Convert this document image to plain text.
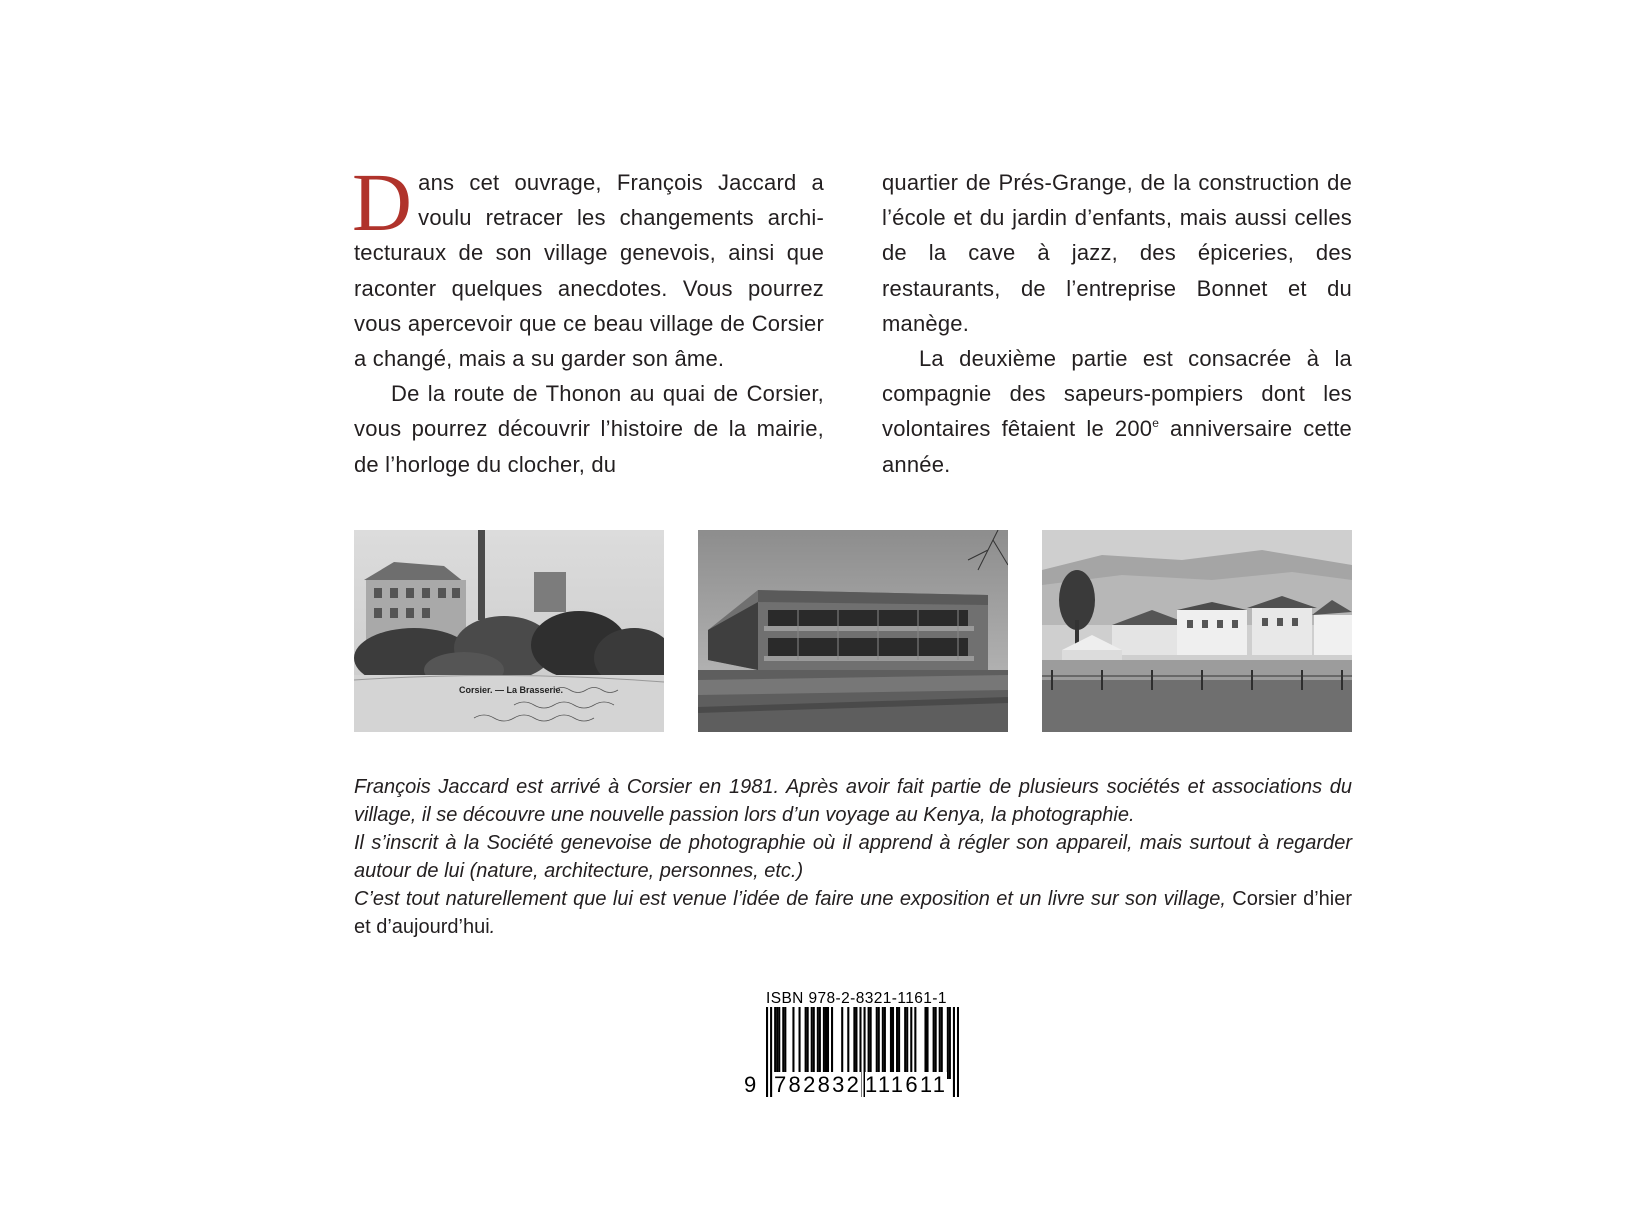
Dans cet ouvrage, François Jaccard a voulu retracer les changements archi-tecturaux de son village genevois, ainsi que raconter quelques anecdotes. Vous pourrez vous apercevoir que ce beau village de Corsier a changé, mais a su garder son âme.

De la route de Thonon au quai de Corsier, vous pourrez découvrir l’histoire de la mairie, de l’horloge du clocher, du

quartier de Prés-Grange, de la construction de l’école et du jardin d’enfants, mais aussi celles de la cave à jazz, des épiceries, des restaurants, de l’entreprise Bonnet et du manège.

La deuxième partie est consacrée à la compagnie des sapeurs-pompiers dont les volontaires fêtaient le 200e anniversaire cette année.

Corsier. — La Brasserie.

François Jaccard est arrivé à Corsier en 1981. Après avoir fait partie de plusieurs sociétés et associations du village, il se découvre une nouvelle passion lors d’un voyage au Kenya, la photographie.

Il s’inscrit à la Société genevoise de photographie où il apprend à régler son appareil, mais surtout à regarder autour de lui (nature, architecture, personnes, etc.)

C’est tout naturellement que lui est venue l’idée de faire une exposition et un livre sur son village, Corsier d’hier et d’aujourd’hui.

ISBN 978-2-8321-1161-1
9 782832 111611
